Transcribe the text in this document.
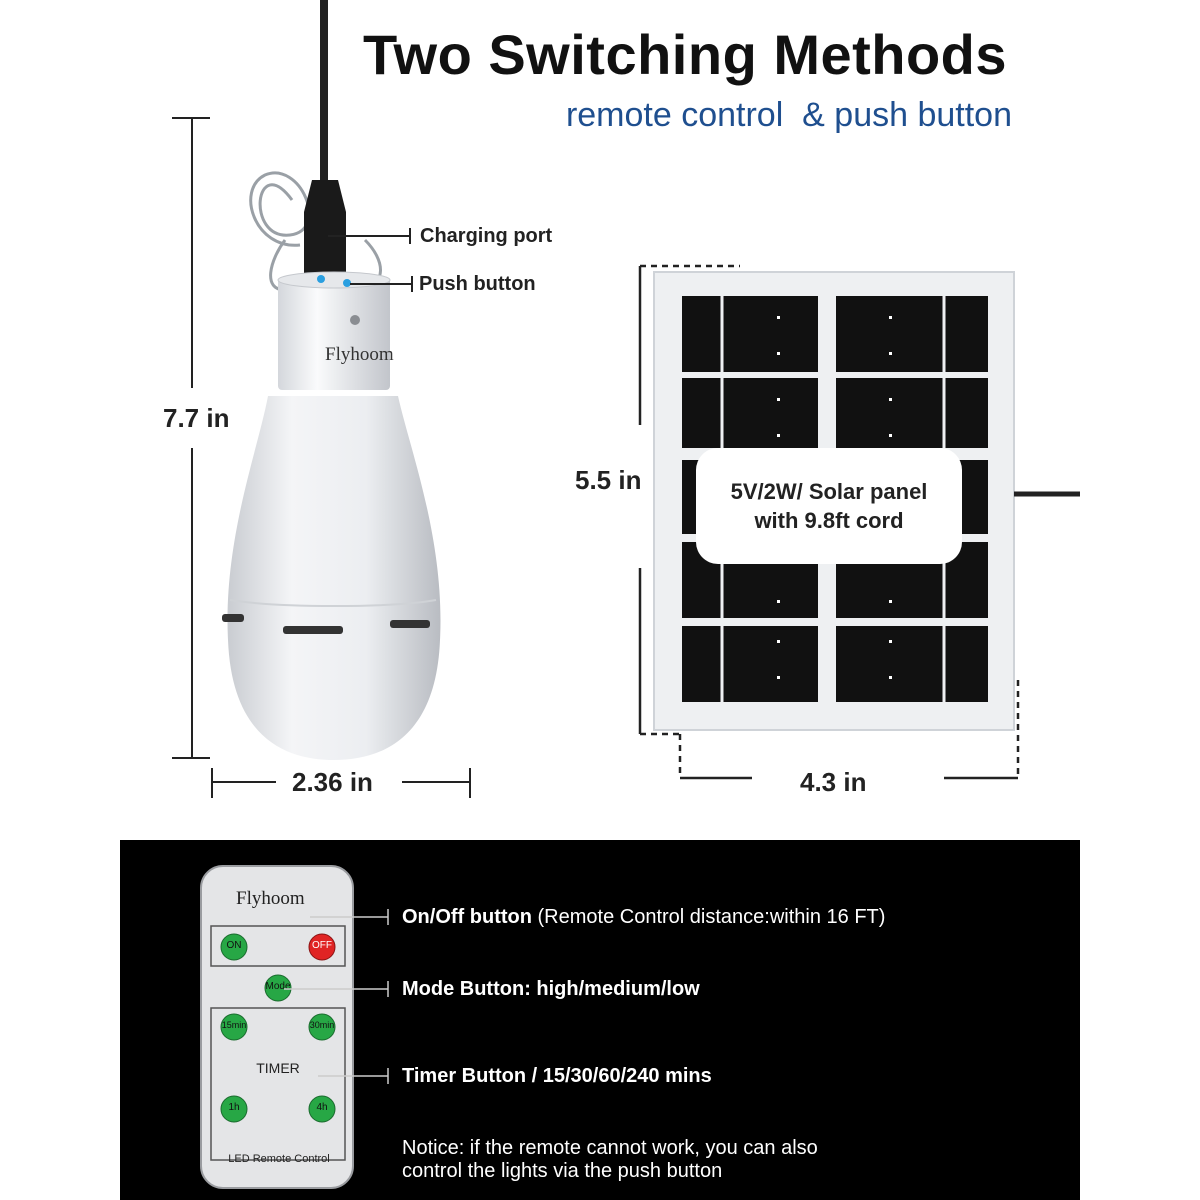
Two Switching Methods
remote control  & push button
7.7 in
2.36 in
Charging port
Push button
Flyhoom
5.5 in
4.3 in
5V/2W/ Solar panel
with 9.8ft cord
Flyhoom
ON	OFF
Mode
15min	30min
TIMER
1h	4h
LED Remote Control
On/Off button (Remote Control distance:within 16 FT)
Mode Button: high/medium/low
Timer Button / 15/30/60/240 mins
Notice: if the remote cannot work, you can also
control the lights via the push button
